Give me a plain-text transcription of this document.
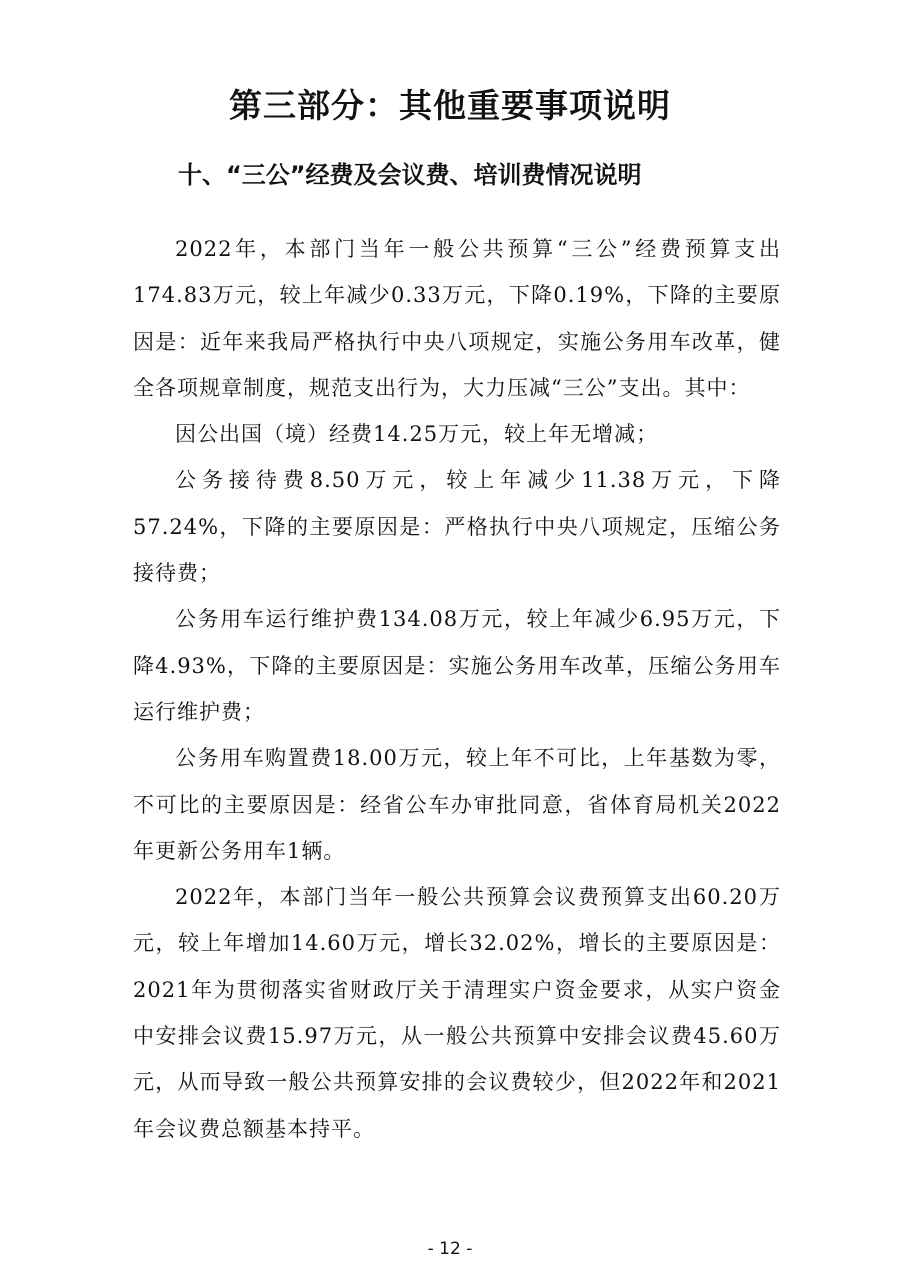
第三部分：其他重要事项说明
十、“三公”经费及会议费、培训费情况说明

2022年，本部门当年一般公共预算“三公”经费预算支出174.83万元，较上年减少0.33万元，下降0.19%，下降的主要原因是：近年来我局严格执行中央八项规定，实施公务用车改革，健全各项规章制度，规范支出行为，大力压减“三公”支出。其中：

因公出国（境）经费14.25万元，较上年无增减；

公务接待费8.50万元，较上年减少11.38万元，下降57.24%，下降的主要原因是：严格执行中央八项规定，压缩公务接待费；

公务用车运行维护费134.08万元，较上年减少6.95万元，下降4.93%，下降的主要原因是：实施公务用车改革，压缩公务用车运行维护费；

公务用车购置费18.00万元，较上年不可比，上年基数为零，不可比的主要原因是：经省公车办审批同意，省体育局机关2022年更新公务用车1辆。

2022年，本部门当年一般公共预算会议费预算支出60.20万元，较上年增加14.60万元，增长32.02%，增长的主要原因是：2021年为贯彻落实省财政厅关于清理实户资金要求，从实户资金中安排会议费15.97万元，从一般公共预算中安排会议费45.60万元，从而导致一般公共预算安排的会议费较少，但2022年和2021年会议费总额基本持平。

- 12 -
